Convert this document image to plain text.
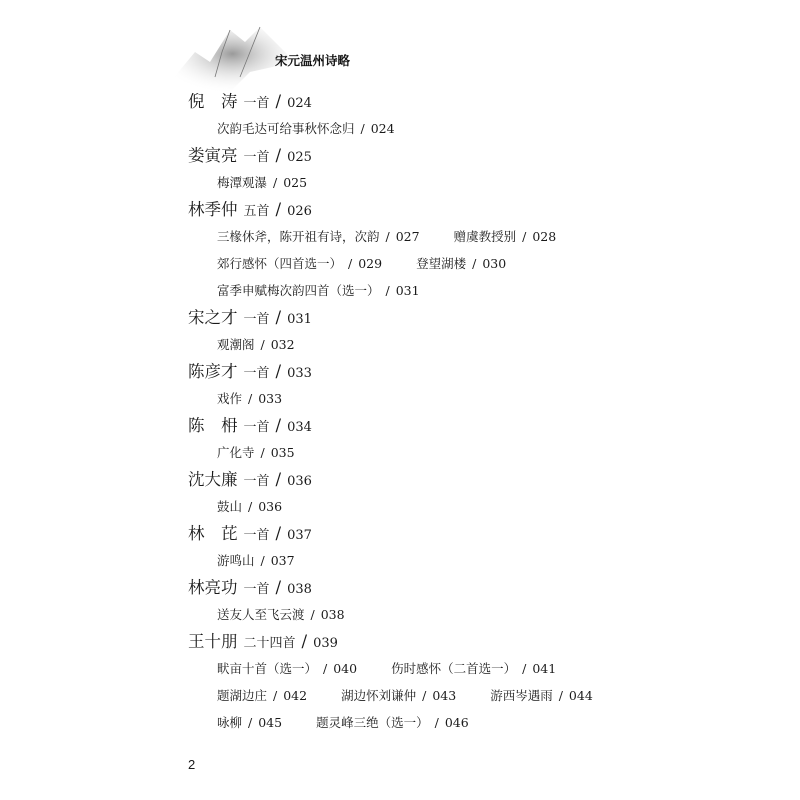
宋元温州诗略
倪　涛 一首 / 024
次韵毛达可给事秋怀念归 / 024
娄寅亮 一首 / 025
梅潭观瀑 / 025
林季仲 五首 / 026
三椽休斧，陈开祖有诗，次韵 / 027	赠虞教授别 / 028
郊行感怀（四首选一） / 029	登望湖楼 / 030
富季申赋梅次韵四首（选一） / 031
宋之才 一首 / 031
观潮阁 / 032
陈彦才 一首 / 033
戏作 / 033
陈　枏 一首 / 034
广化寺 / 035
沈大廉 一首 / 036
鼓山 / 036
林　芘 一首 / 037
游鸣山 / 037
林亮功 一首 / 038
送友人至飞云渡 / 038
王十朋 二十四首 / 039
畎亩十首（选一） / 040	伤时感怀（二首选一） / 041
题湖边庄 / 042	湖边怀刘谦仲 / 043	游西岑遇雨 / 044
咏柳 / 045	题灵峰三绝（选一） / 046
2
